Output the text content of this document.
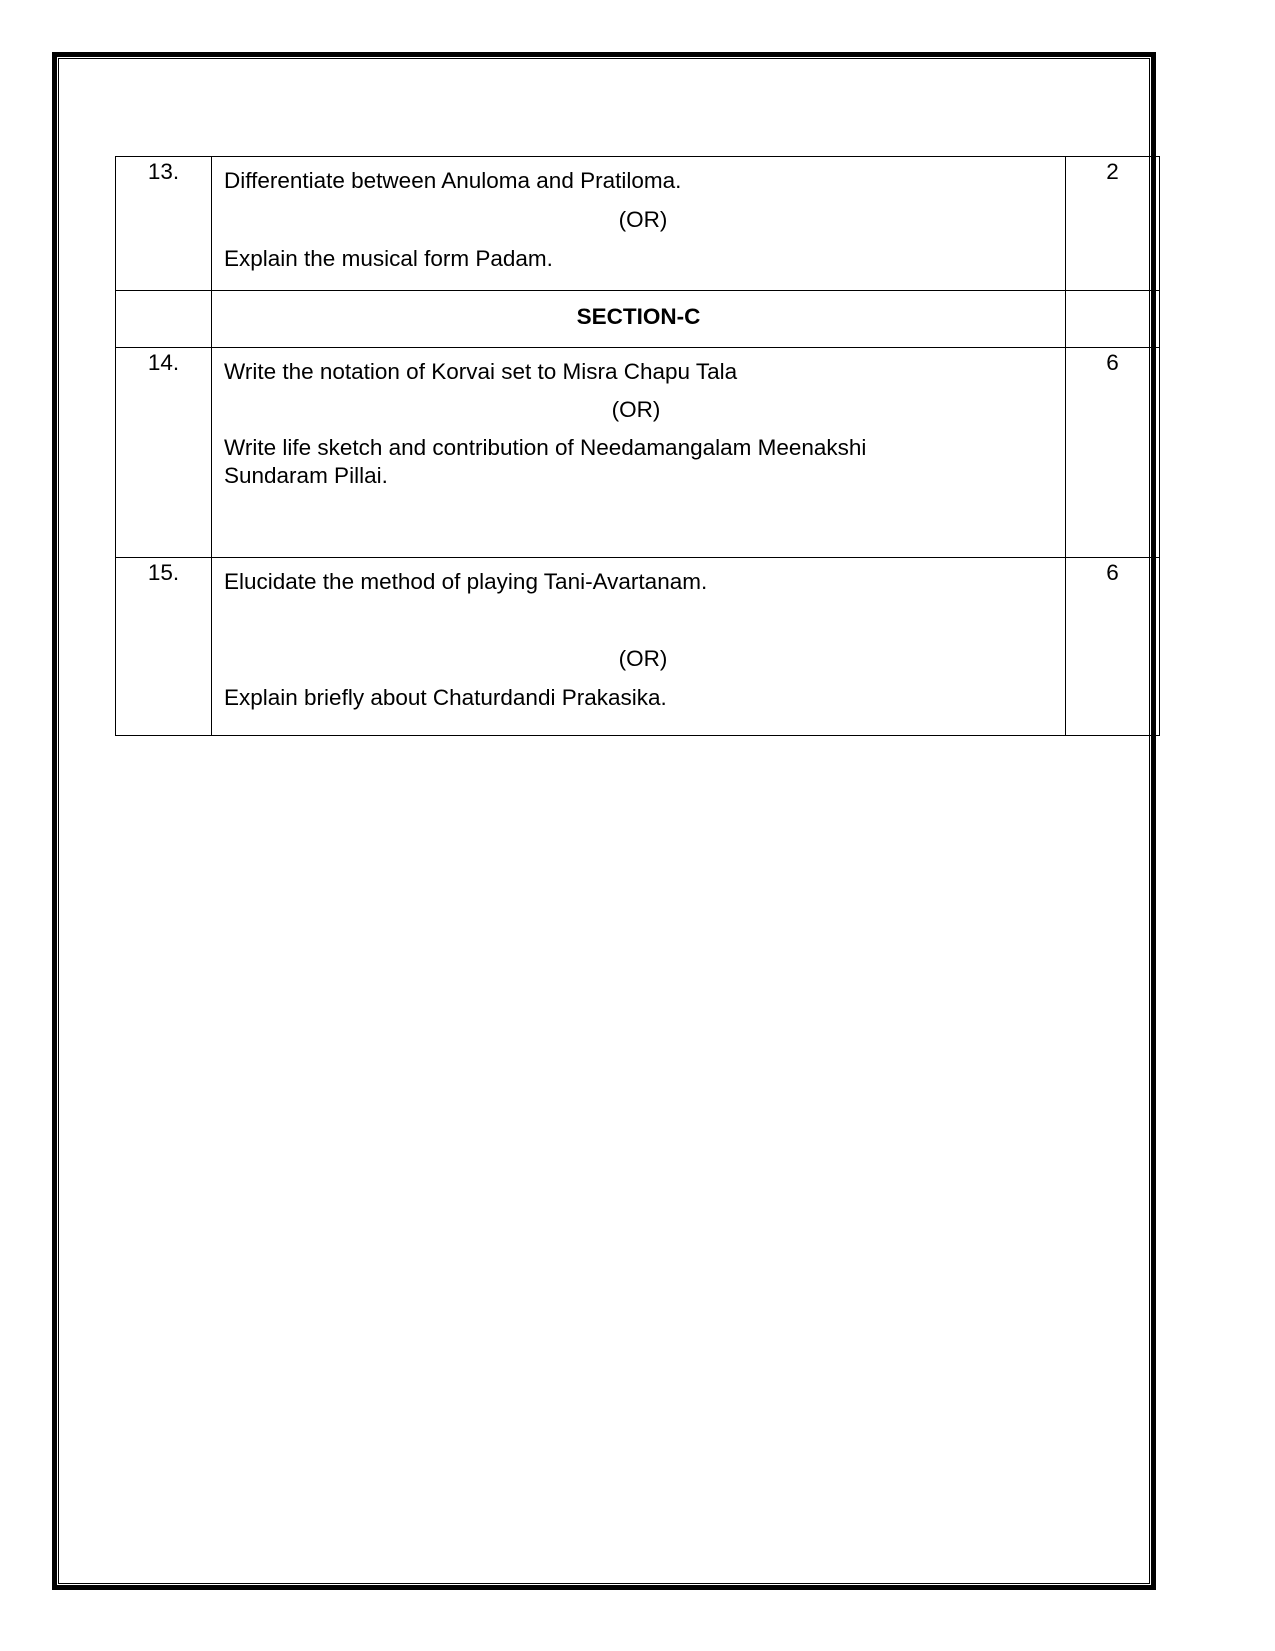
13.	Differentiate between Anuloma and Pratiloma.

(OR)

Explain the musical form Padam.	2
	SECTION-C	
14.	Write the notation of Korvai set to Misra Chapu Tala

(OR)

Write life sketch and contribution of Needamangalam Meenakshi

Sundaram Pillai.	6
15.	Elucidate the method of playing Tani-Avartanam.

(OR)

Explain briefly about Chaturdandi Prakasika.	6
